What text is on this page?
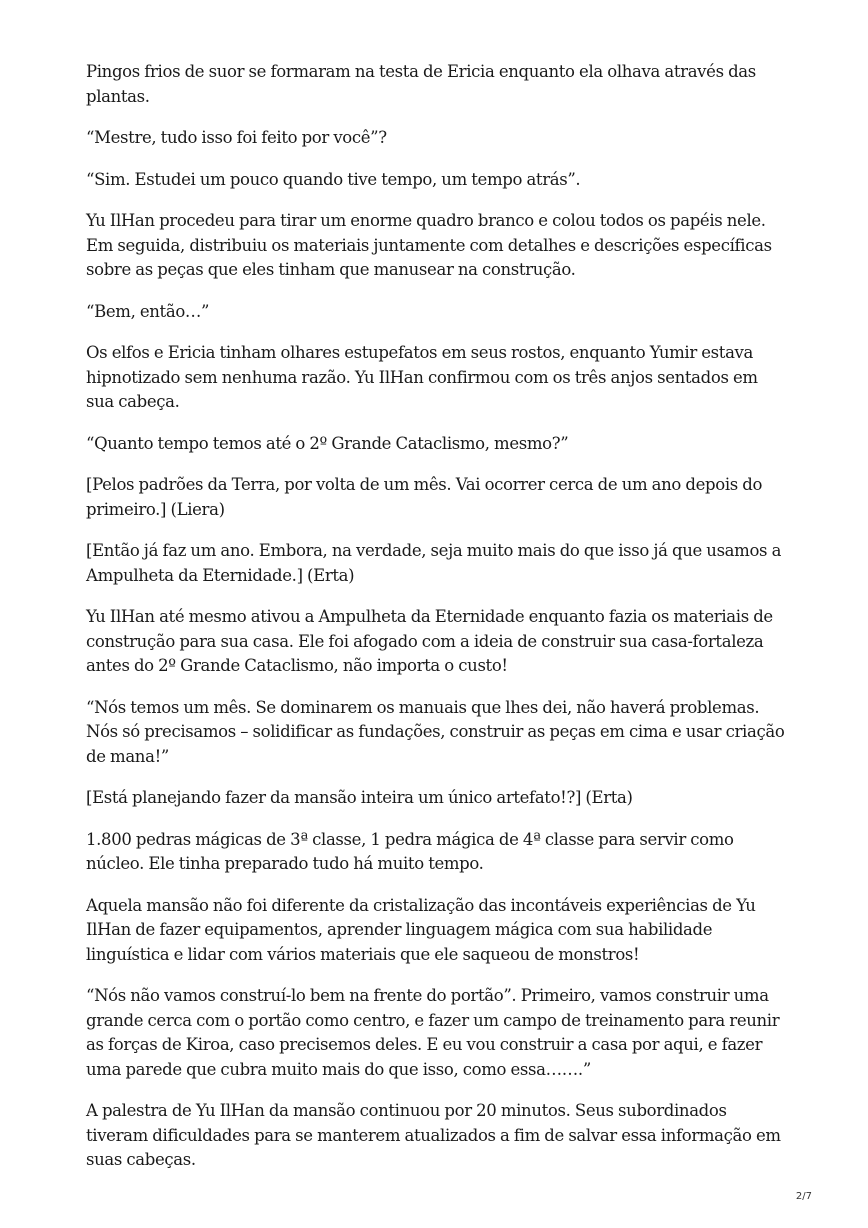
Pingos frios de suor se formaram na testa de Ericia enquanto ela olhava através das plantas.

“Mestre, tudo isso foi feito por você”?

“Sim. Estudei um pouco quando tive tempo, um tempo atrás”.

Yu IlHan procedeu para tirar um enorme quadro branco e colou todos os papéis nele. Em seguida, distribuiu os materiais juntamente com detalhes e descrições específicas sobre as peças que eles tinham que manusear na construção.

“Bem, então…”

Os elfos e Ericia tinham olhares estupefatos em seus rostos, enquanto Yumir estava hipnotizado sem nenhuma razão. Yu IlHan confirmou com os três anjos sentados em sua cabeça.

“Quanto tempo temos até o 2º Grande Cataclismo, mesmo?”

[Pelos padrões da Terra, por volta de um mês. Vai ocorrer cerca de um ano depois do primeiro.] (Liera)

[Então já faz um ano. Embora, na verdade, seja muito mais do que isso já que usamos a Ampulheta da Eternidade.] (Erta)

Yu IlHan até mesmo ativou a Ampulheta da Eternidade enquanto fazia os materiais de construção para sua casa. Ele foi afogado com a ideia de construir sua casa-fortaleza antes do 2º Grande Cataclismo, não importa o custo!

“Nós temos um mês. Se dominarem os manuais que lhes dei, não haverá problemas. Nós só precisamos – solidificar as fundações, construir as peças em cima e usar criação de mana!”

[Está planejando fazer da mansão inteira um único artefato!?] (Erta)

1.800 pedras mágicas de 3ª classe, 1 pedra mágica de 4ª classe para servir como núcleo. Ele tinha preparado tudo há muito tempo.

Aquela mansão não foi diferente da cristalização das incontáveis experiências de Yu IlHan de fazer equipamentos, aprender linguagem mágica com sua habilidade linguística e lidar com vários materiais que ele saqueou de monstros!

“Nós não vamos construí-lo bem na frente do portão”. Primeiro, vamos construir uma grande cerca com o portão como centro, e fazer um campo de treinamento para reunir as forças de Kiroa, caso precisemos deles. E eu vou construir a casa por aqui, e fazer uma parede que cubra muito mais do que isso, como essa…….”

A palestra de Yu IlHan da mansão continuou por 20 minutos. Seus subordinados tiveram dificuldades para se manterem atualizados a fim de salvar essa informação em suas cabeças.

2/7
